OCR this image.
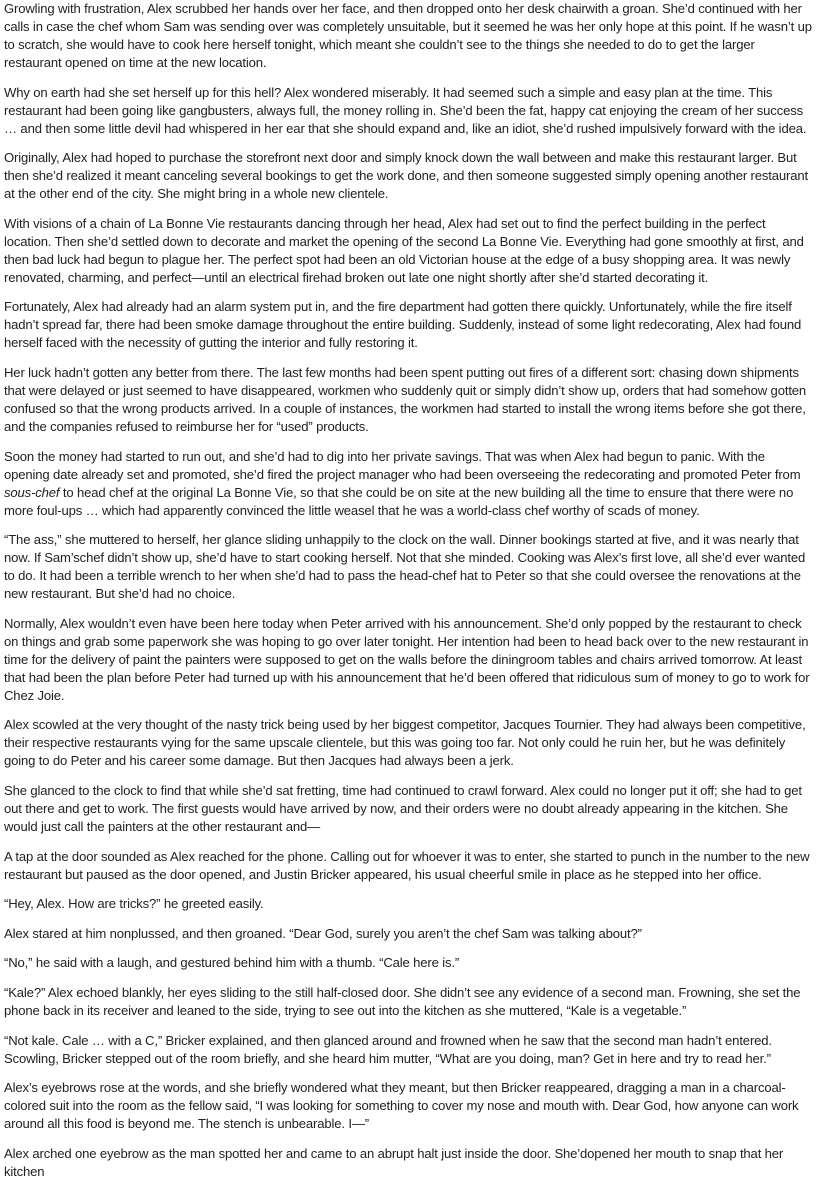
Growling with frustration, Alex scrubbed her hands over her face, and then dropped onto her desk chairwith a groan. She’d continued with her calls in case the chef whom Sam was sending over was completely unsuitable, but it seemed he was her only hope at this point. If he wasn’t up to scratch, she would have to cook here herself tonight, which meant she couldn’t see to the things she needed to do to get the larger restaurant opened on time at the new location.

Why on earth had she set herself up for this hell? Alex wondered miserably. It had seemed such a simple and easy plan at the time. This restaurant had been going like gangbusters, always full, the money rolling in. She’d been the fat, happy cat enjoying the cream of her success … and then some little devil had whispered in her ear that she should expand and, like an idiot, she’d rushed impulsively forward with the idea.

Originally, Alex had hoped to purchase the storefront next door and simply knock down the wall between and make this restaurant larger. But then she’d realized it meant canceling several bookings to get the work done, and then someone suggested simply opening another restaurant at the other end of the city. She might bring in a whole new clientele.

With visions of a chain of La Bonne Vie restaurants dancing through her head, Alex had set out to find the perfect building in the perfect location. Then she’d settled down to decorate and market the opening of the second La Bonne Vie. Everything had gone smoothly at first, and then bad luck had begun to plague her. The perfect spot had been an old Victorian house at the edge of a busy shopping area. It was newly renovated, charming, and perfect—until an electrical firehad broken out late one night shortly after she’d started decorating it.

Fortunately, Alex had already had an alarm system put in, and the fire department had gotten there quickly. Unfortunately, while the fire itself hadn’t spread far, there had been smoke damage throughout the entire building. Suddenly, instead of some light redecorating, Alex had found herself faced with the necessity of gutting the interior and fully restoring it.

Her luck hadn’t gotten any better from there. The last few months had been spent putting out fires of a different sort: chasing down shipments that were delayed or just seemed to have disappeared, workmen who suddenly quit or simply didn’t show up, orders that had somehow gotten confused so that the wrong products arrived. In a couple of instances, the workmen had started to install the wrong items before she got there, and the companies refused to reimburse her for “used” products.

Soon the money had started to run out, and she’d had to dig into her private savings. That was when Alex had begun to panic. With the opening date already set and promoted, she’d fired the project manager who had been overseeing the redecorating and promoted Peter from sous-chef to head chef at the original La Bonne Vie, so that she could be on site at the new building all the time to ensure that there were no more foul-ups … which had apparently convinced the little weasel that he was a world-class chef worthy of scads of money.

“The ass,” she muttered to herself, her glance sliding unhappily to the clock on the wall. Dinner bookings started at five, and it was nearly that now. If Sam’schef didn’t show up, she’d have to start cooking herself. Not that she minded. Cooking was Alex’s first love, all she’d ever wanted to do. It had been a terrible wrench to her when she’d had to pass the head-chef hat to Peter so that she could oversee the renovations at the new restaurant. But she’d had no choice.

Normally, Alex wouldn’t even have been here today when Peter arrived with his announcement. She’d only popped by the restaurant to check on things and grab some paperwork she was hoping to go over later tonight. Her intention had been to head back over to the new restaurant in time for the delivery of paint the painters were supposed to get on the walls before the diningroom tables and chairs arrived tomorrow. At least that had been the plan before Peter had turned up with his announcement that he’d been offered that ridiculous sum of money to go to work for Chez Joie.

Alex scowled at the very thought of the nasty trick being used by her biggest competitor, Jacques Tournier. They had always been competitive, their respective restaurants vying for the same upscale clientele, but this was going too far. Not only could he ruin her, but he was definitely going to do Peter and his career some damage. But then Jacques had always been a jerk.

She glanced to the clock to find that while she’d sat fretting, time had continued to crawl forward. Alex could no longer put it off; she had to get out there and get to work. The first guests would have arrived by now, and their orders were no doubt already appearing in the kitchen. She would just call the painters at the other restaurant and—

A tap at the door sounded as Alex reached for the phone. Calling out for whoever it was to enter, she started to punch in the number to the new restaurant but paused as the door opened, and Justin Bricker appeared, his usual cheerful smile in place as he stepped into her office.

“Hey, Alex. How are tricks?” he greeted easily.

Alex stared at him nonplussed, and then groaned. “Dear God, surely you aren’t the chef Sam was talking about?”

“No,” he said with a laugh, and gestured behind him with a thumb. “Cale here is.”

“Kale?” Alex echoed blankly, her eyes sliding to the still half-closed door. She didn’t see any evidence of a second man. Frowning, she set the phone back in its receiver and leaned to the side, trying to see out into the kitchen as she muttered, “Kale is a vegetable.”

“Not kale. Cale … with a C,” Bricker explained, and then glanced around and frowned when he saw that the second man hadn’t entered. Scowling, Bricker stepped out of the room briefly, and she heard him mutter, “What are you doing, man? Get in here and try to read her.”

Alex’s eyebrows rose at the words, and she briefly wondered what they meant, but then Bricker reappeared, dragging a man in a charcoal-colored suit into the room as the fellow said, “I was looking for something to cover my nose and mouth with. Dear God, how anyone can work around all this food is beyond me. The stench is unbearable. I—”

Alex arched one eyebrow as the man spotted her and came to an abrupt halt just inside the door. She’dopened her mouth to snap that her kitchen
